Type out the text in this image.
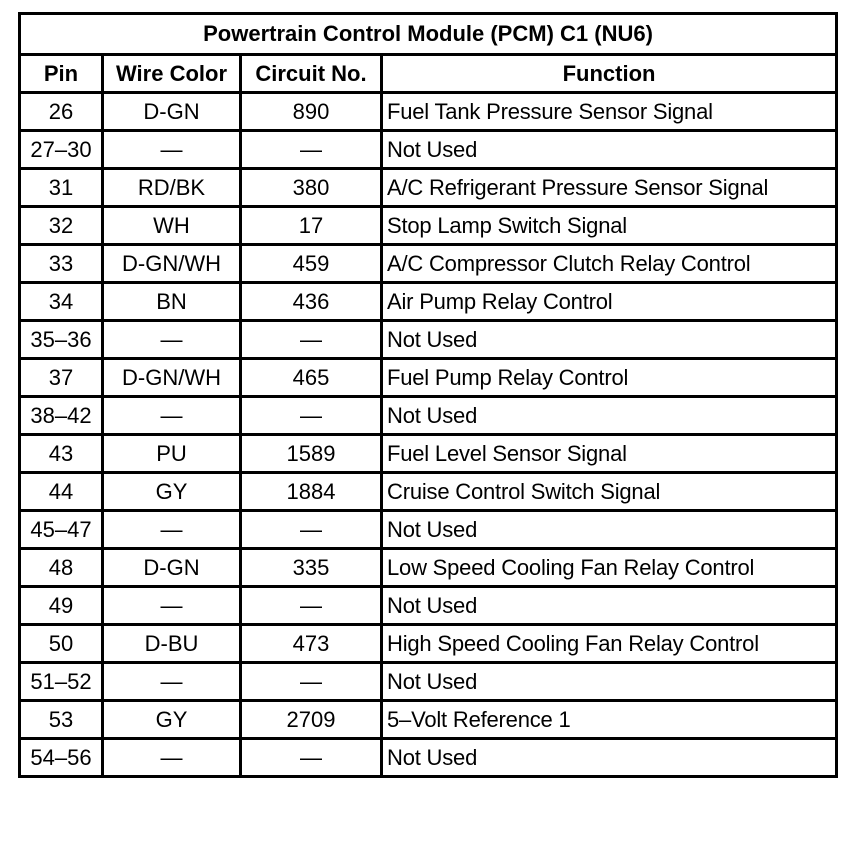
Powertrain Control Module (PCM) C1 (NU6)			
Pin	Wire Color	Circuit No.	Function
26	D-GN	890	Fuel Tank Pressure Sensor Signal
27–30	—	—	Not Used
31	RD/BK	380	A/C Refrigerant Pressure Sensor Signal
32	WH	17	Stop Lamp Switch Signal
33	D-GN/WH	459	A/C Compressor Clutch Relay Control
34	BN	436	Air Pump Relay Control
35–36	—	—	Not Used
37	D-GN/WH	465	Fuel Pump Relay Control
38–42	—	—	Not Used
43	PU	1589	Fuel Level Sensor Signal
44	GY	1884	Cruise Control Switch Signal
45–47	—	—	Not Used
48	D-GN	335	Low Speed Cooling Fan Relay Control
49	—	—	Not Used
50	D-BU	473	High Speed Cooling Fan Relay Control
51–52	—	—	Not Used
53	GY	2709	5–Volt Reference 1
54–56	—	—	Not Used
